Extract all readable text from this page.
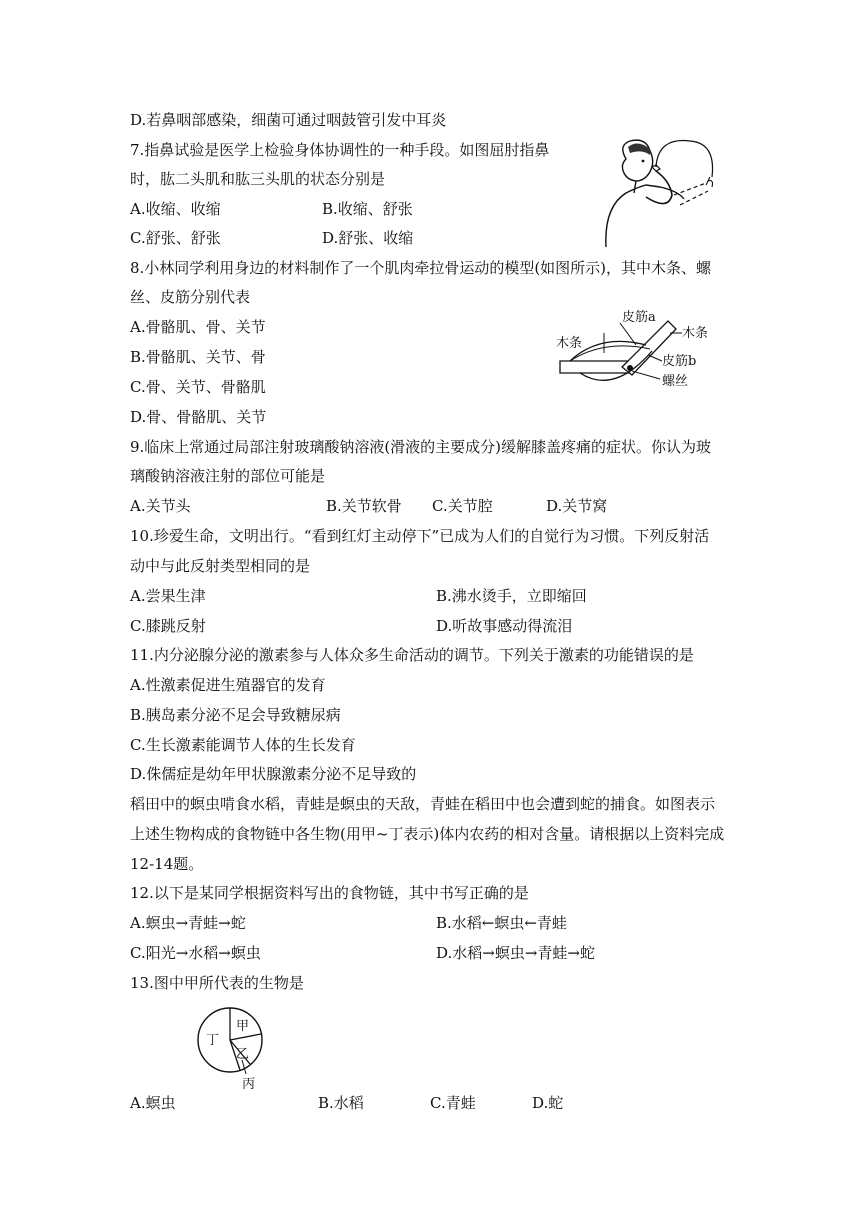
D.若鼻咽部感染，细菌可通过咽鼓管引发中耳炎
7.指鼻试验是医学上检验身体协调性的一种手段。如图屈肘指鼻
时，肱二头肌和肱三头肌的状态分别是
A.收缩、收缩	B.收缩、舒张
C.舒张、舒张	D.舒张、收缩
8.小林同学利用身边的材料制作了一个肌肉牵拉骨运动的模型(如图所示)，其中木条、螺
丝、皮筋分别代表
A.骨骼肌、骨、关节
B.骨骼肌、关节、骨
C.骨、关节、骨骼肌
D.骨、骨骼肌、关节
皮筋a
木条
木条
皮筋b
螺丝
9.临床上常通过局部注射玻璃酸钠溶液(滑液的主要成分)缓解膝盖疼痛的症状。你认为玻
璃酸钠溶液注射的部位可能是
A.关节头	B.关节软骨 C.关节腔	D.关节窝
10.珍爱生命，文明出行。“看到红灯主动停下”已成为人们的自觉行为习惯。下列反射活
动中与此反射类型相同的是
A.尝果生津	B.沸水烫手，立即缩回
C.膝跳反射	D.听故事感动得流泪
11.内分泌腺分泌的激素参与人体众多生命活动的调节。下列关于激素的功能错误的是
A.性激素促进生殖器官的发育
B.胰岛素分泌不足会导致糖尿病
C.生长激素能调节人体的生长发育
D.侏儒症是幼年甲状腺激素分泌不足导致的
稻田中的螟虫啃食水稻，青蛙是螟虫的天敌，青蛙在稻田中也会遭到蛇的捕食。如图表示
上述生物构成的食物链中各生物(用甲~丁表示)体内农药的相对含量。请根据以上资料完成
12-14题。
12.以下是某同学根据资料写出的食物链，其中书写正确的是
A.螟虫→青蛙→蛇	B.水稻←螟虫←青蛙
C.阳光→水稻→螟虫	D.水稻→螟虫→青蛙→蛇
13.图中甲所代表的生物是
甲
乙
丙
丁
A.螟虫	B.水稻	C.青蛙	D.蛇
